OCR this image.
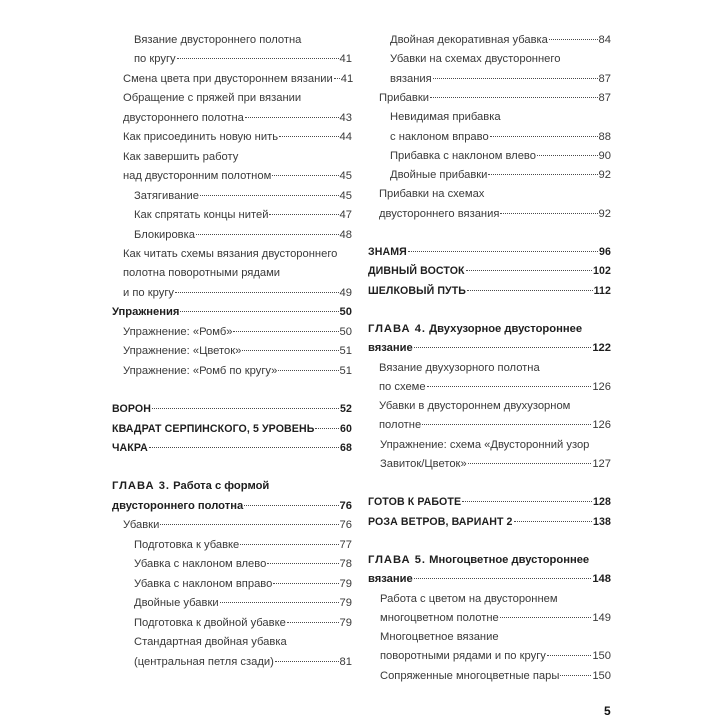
Вязание двустороннего полотна
по кругу	41
Смена цвета при двустороннем вязании 41
Обращение с пряжей при вязании
двустороннего полотна	43
Как присоединить новую нить	44
Как завершить работу
над двусторонним полотном	45
Затягивание	45
Как спрятать концы нитей	47
Блокировка	48
Как читать схемы вязания двустороннего
полотна поворотными рядами
и по кругу	49
Упражнения	50
Упражнение: «Ромб»	50
Упражнение: «Цветок»	51
Упражнение: «Ромб по кругу»	51
ВОРОН	52
КВАДРАТ СЕРПИНСКОГО, 5 УРОВЕНЬ 60
ЧАКРА	68
ГЛАВА 3. Работа с формой
двустороннего полотна	76
Убавки	76
Подготовка к убавке	77
Убавка с наклоном влево	78
Убавка с наклоном вправо	79
Двойные убавки	79
Подготовка к двойной убавке	79
Стандартная двойная убавка
(центральная петля сзади)	81
Двойная декоративная убавка	84
Убавки на схемах двустороннего
вязания	87
Прибавки	87
Невидимая прибавка
с наклоном вправо	88
Прибавка с наклоном влево	90
Двойные прибавки	92
Прибавки на схемах
двустороннего вязания	92
ЗНАМЯ	96
ДИВНЫЙ ВОСТОК	102
ШЕЛКОВЫЙ ПУТЬ	112
ГЛАВА 4. Двухузорное двустороннее
вязание	122
Вязание двухузорного полотна
по схеме	126
Убавки в двустороннем двухузорном
полотне	126
Упражнение: схема «Двусторонний узор
Завиток/Цветок»	127
ГОТОВ К РАБОТЕ	128
РОЗА ВЕТРОВ, ВАРИАНТ 2	138
ГЛАВА 5. Многоцветное двустороннее
вязание	148
Работа с цветом на двустороннем
многоцветном полотне	149
Многоцветное вязание
поворотными рядами и по кругу	150
Сопряженные многоцветные пары	150
5
